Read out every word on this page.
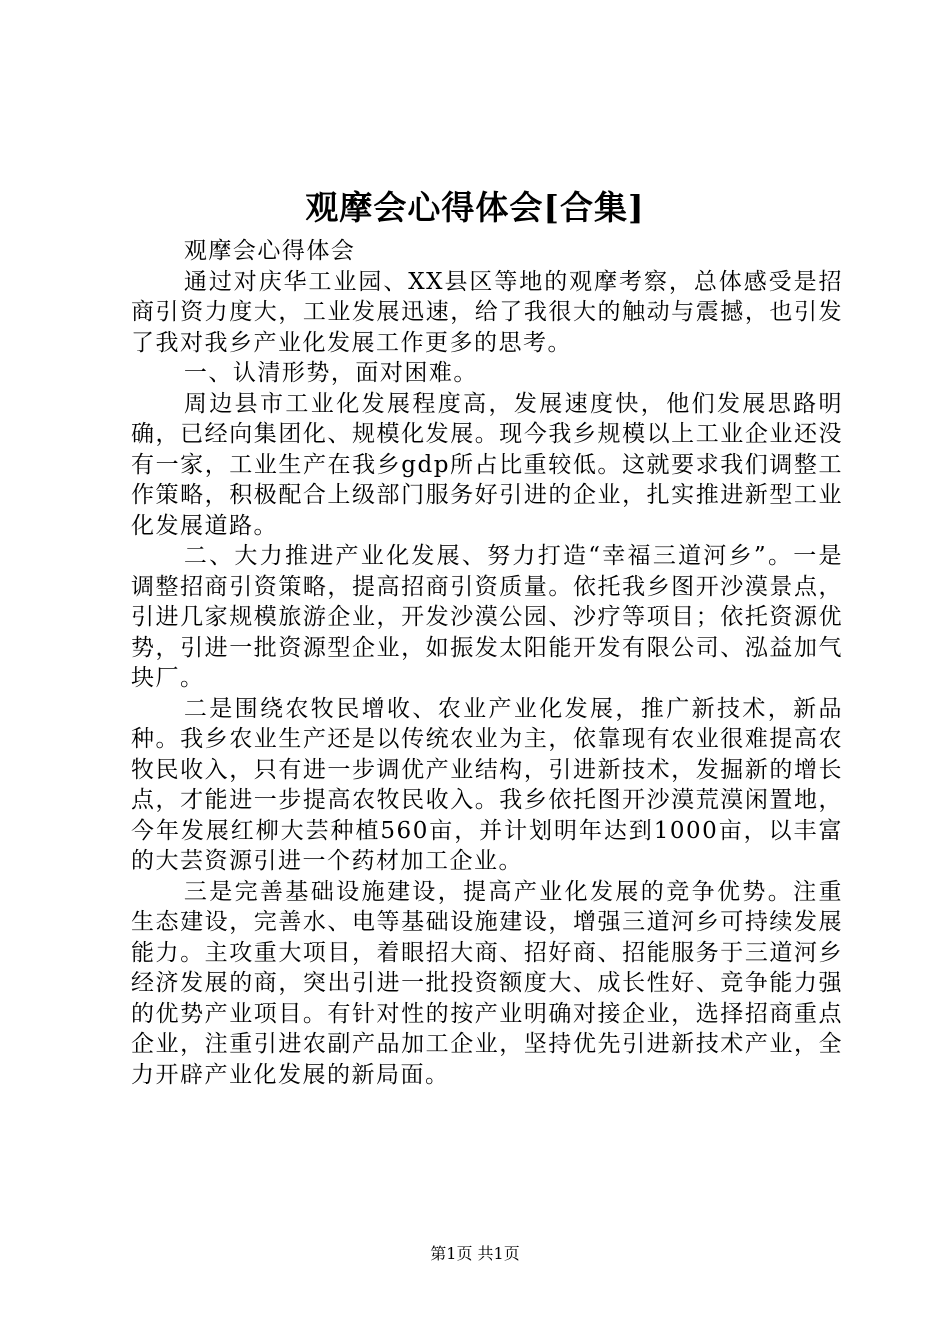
观摩会心得体会[合集]

观摩会心得体会

通过对庆华工业园、XX县区等地的观摩考察，总体感受是招商引资力度大，工业发展迅速，给了我很大的触动与震撼，也引发了我对我乡产业化发展工作更多的思考。

一、认清形势，面对困难。

周边县市工业化发展程度高，发展速度快，他们发展思路明确，已经向集团化、规模化发展。现今我乡规模以上工业企业还没有一家，工业生产在我乡gdp所占比重较低。这就要求我们调整工作策略，积极配合上级部门服务好引进的企业，扎实推进新型工业化发展道路。

二、大力推进产业化发展、努力打造“幸福三道河乡”。一是调整招商引资策略，提高招商引资质量。依托我乡图开沙漠景点，引进几家规模旅游企业，开发沙漠公园、沙疗等项目；依托资源优势，引进一批资源型企业，如振发太阳能开发有限公司、泓益加气块厂。

二是围绕农牧民增收、农业产业化发展，推广新技术，新品种。我乡农业生产还是以传统农业为主，依靠现有农业很难提高农牧民收入，只有进一步调优产业结构，引进新技术，发掘新的增长点，才能进一步提高农牧民收入。我乡依托图开沙漠荒漠闲置地，今年发展红柳大芸种植560亩，并计划明年达到1000亩，以丰富的大芸资源引进一个药材加工企业。

三是完善基础设施建设，提高产业化发展的竞争优势。注重生态建设，完善水、电等基础设施建设，增强三道河乡可持续发展能力。主攻重大项目，着眼招大商、招好商、招能服务于三道河乡经济发展的商，突出引进一批投资额度大、成长性好、竞争能力强的优势产业项目。有针对性的按产业明确对接企业，选择招商重点企业，注重引进农副产品加工企业，坚持优先引进新技术产业，全力开辟产业化发展的新局面。

第1页 共1页
